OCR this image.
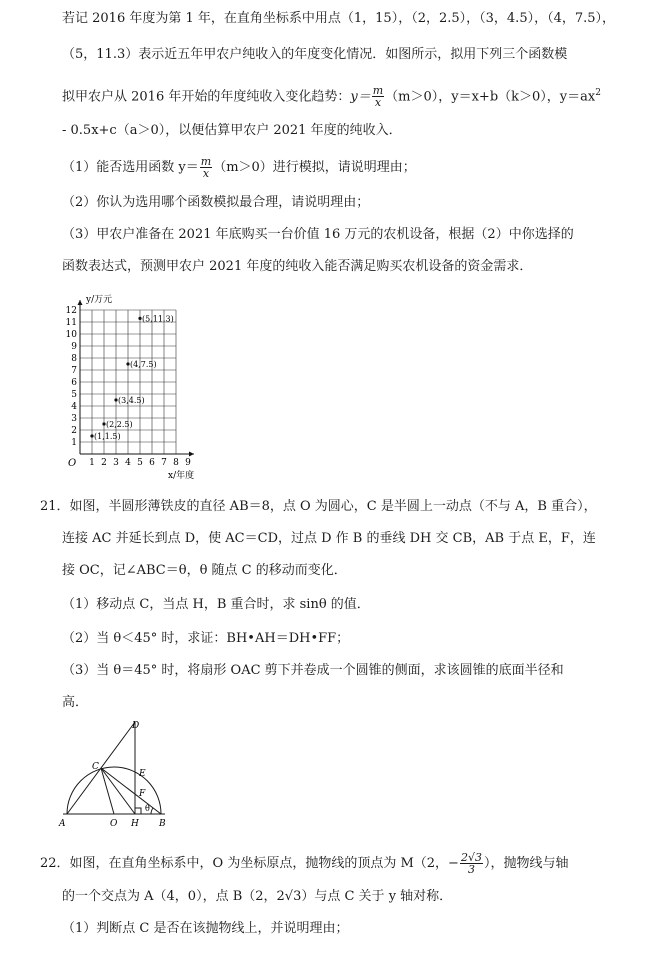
若记 2016 年度为第 1 年，在直角坐标系中用点（1，15），（2，2.5），（3，4.5），（4，7.5），
（5，11.3）表示近五年甲农户纯收入的年度变化情况．如图所示，拟用下列三个函数模
拟甲农户从 2016 年开始的年度纯收入变化趋势：$y= \frac{m}{x} (m>0)$，y＝x+b（k＞0），$y=ax^2$
- 0.5x+c（a＞0），以便估算甲农户 2021 年度的纯收入．
（1）能否选用函数 $y= \frac{m}{x} (m>0)$进行模拟，请说明理由；
（2）你认为选用哪个函数模拟最合理，请说明理由；
（3）甲农户准备在 2021 年底购买一台价值 16 万元的农机设备，根据（2）中你选择的
函数表达式，预测甲农户 2021 年度的纯收入能否满足购买农机设备的资金需求．
1
2
3
4
5
6
7
8
9
10
11
12
1 2 3 4 5 6 7 8 9
(1,1.5)
(2,2.5)
(3,4.5)
(4,7.5)
(5,11.3)
y/万元
x/年度
O
21．如图，半圆形薄铁皮的直径 AB＝8，点 O 为圆心，C 是半圆上一动点（不与 A，B 重合），
连接 AC 并延长到点 D，使 AC＝CD，过点 D 作 B 的垂线 DH 交 CB，AB 于点 E，F，连
接 OC，记∠ABC＝θ，θ 随点 C 的移动而变化．
（1）移动点 C，当点 H，B 重合时，求 sinθ 的值．
（2）当 θ＜45° 时，求证：BH•AH＝DH•FF；
（3）当 θ＝45° 时，将扇形 OAC 剪下并卷成一个圆锥的侧面，求该圆锥的底面半径和
高．
D
C
E
F
θ
A	O H B
22．如图，在直角坐标系中，O 为坐标原点，抛物线的顶点为 M（2，− $\frac{2√3}{3}$ ），抛物线与轴
的一个交点为 A（4，0），点 B（2，2√3）与点 C 关于 y 轴对称．
（1）判断点 C 是否在该抛物线上，并说明理由；
